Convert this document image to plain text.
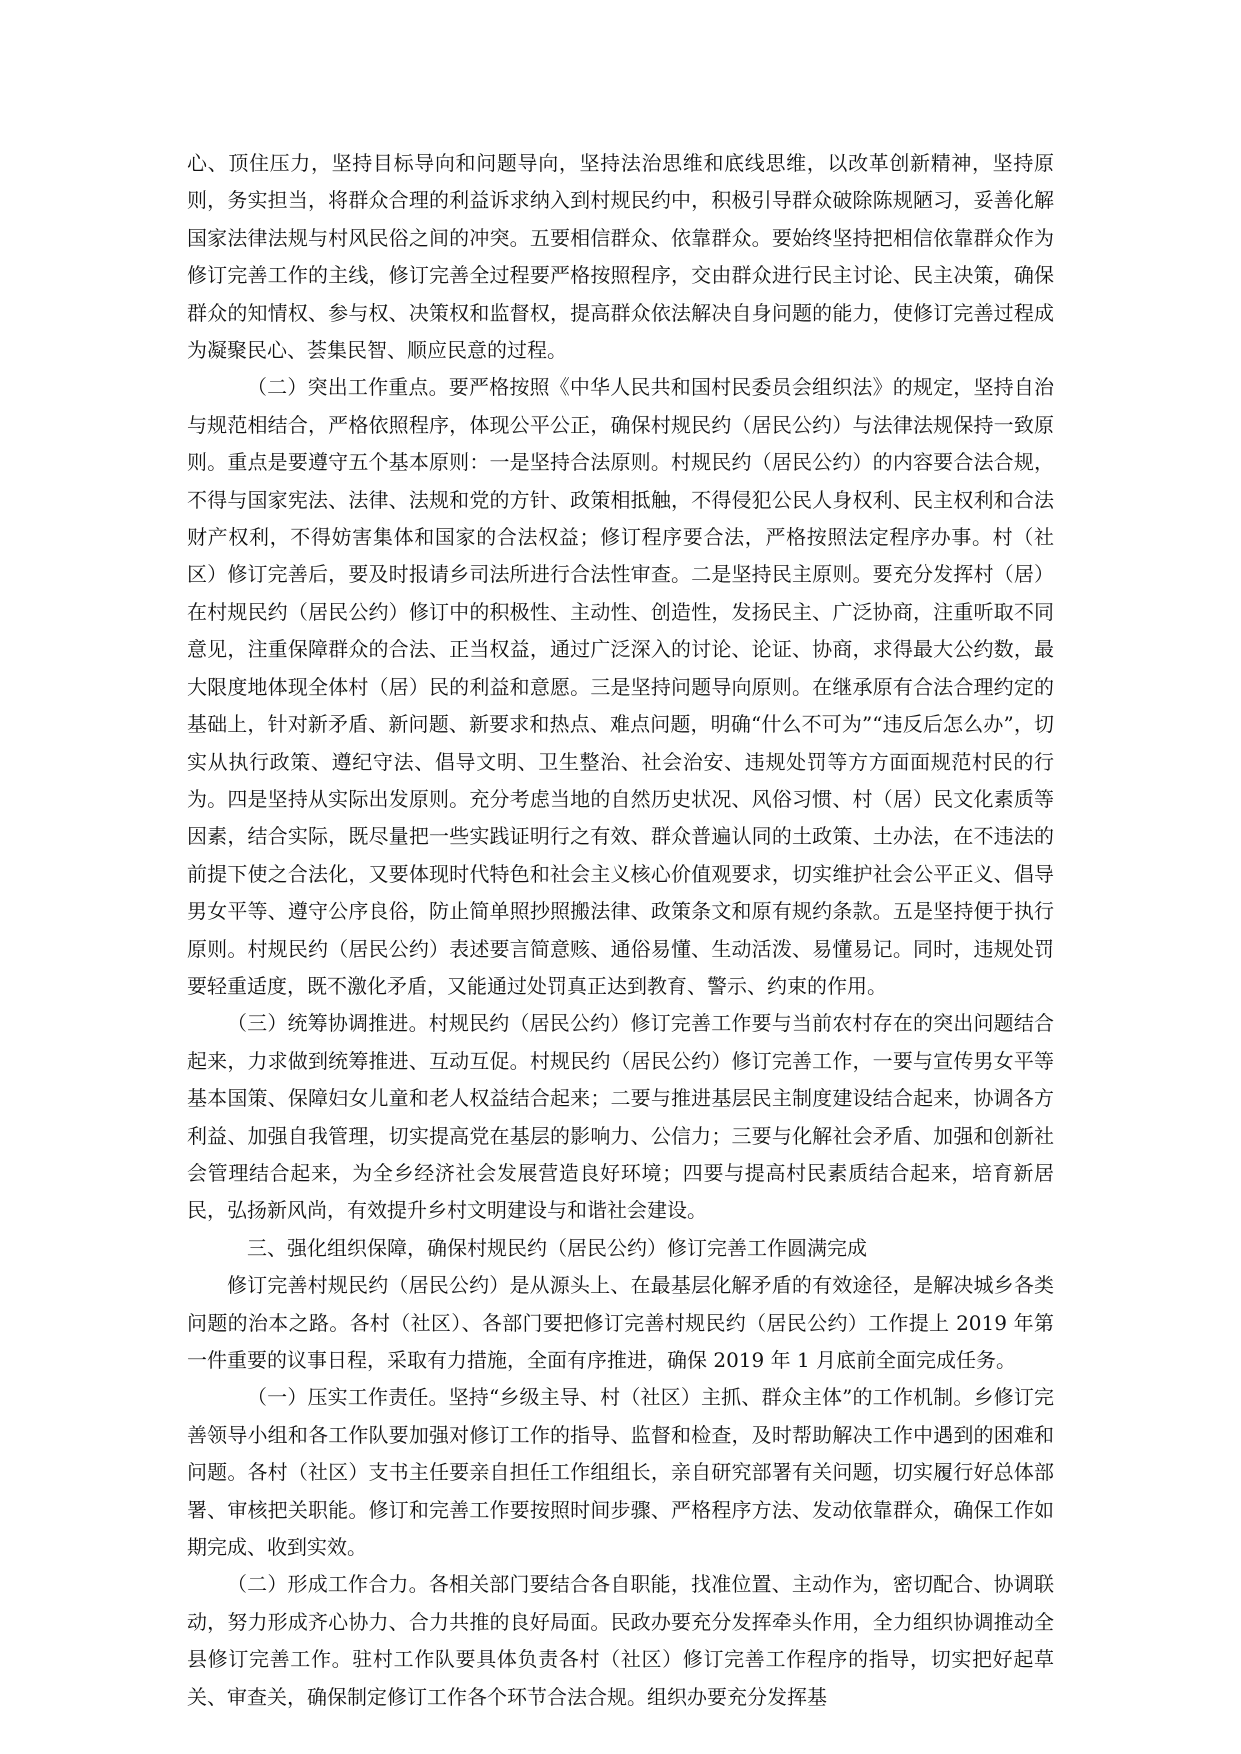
心、顶住压力，坚持目标导向和问题导向，坚持法治思维和底线思维，以改革创新精神，坚持原则，务实担当，将群众合理的利益诉求纳入到村规民约中，积极引导群众破除陈规陋习，妥善化解国家法律法规与村风民俗之间的冲突。五要相信群众、依靠群众。要始终坚持把相信依靠群众作为修订完善工作的主线，修订完善全过程要严格按照程序，交由群众进行民主讨论、民主决策，确保群众的知情权、参与权、决策权和监督权，提高群众依法解决自身问题的能力，使修订完善过程成为凝聚民心、荟集民智、顺应民意的过程。

（二）突出工作重点。要严格按照《中华人民共和国村民委员会组织法》的规定，坚持自治与规范相结合，严格依照程序，体现公平公正，确保村规民约（居民公约）与法律法规保持一致原则。重点是要遵守五个基本原则：一是坚持合法原则。村规民约（居民公约）的内容要合法合规，不得与国家宪法、法律、法规和党的方针、政策相抵触，不得侵犯公民人身权利、民主权利和合法财产权利，不得妨害集体和国家的合法权益；修订程序要合法，严格按照法定程序办事。村（社区）修订完善后，要及时报请乡司法所进行合法性审查。二是坚持民主原则。要充分发挥村（居）在村规民约（居民公约）修订中的积极性、主动性、创造性，发扬民主、广泛协商，注重听取不同意见，注重保障群众的合法、正当权益，通过广泛深入的讨论、论证、协商，求得最大公约数，最大限度地体现全体村（居）民的利益和意愿。三是坚持问题导向原则。在继承原有合法合理约定的基础上，针对新矛盾、新问题、新要求和热点、难点问题，明确“什么不可为”“违反后怎么办”，切实从执行政策、遵纪守法、倡导文明、卫生整治、社会治安、违规处罚等方方面面规范村民的行为。四是坚持从实际出发原则。充分考虑当地的自然历史状况、风俗习惯、村（居）民文化素质等因素，结合实际，既尽量把一些实践证明行之有效、群众普遍认同的土政策、土办法，在不违法的前提下使之合法化，又要体现时代特色和社会主义核心价值观要求，切实维护社会公平正义、倡导男女平等、遵守公序良俗，防止简单照抄照搬法律、政策条文和原有规约条款。五是坚持便于执行原则。村规民约（居民公约）表述要言简意赅、通俗易懂、生动活泼、易懂易记。同时，违规处罚要轻重适度，既不激化矛盾，又能通过处罚真正达到教育、警示、约束的作用。

（三）统筹协调推进。村规民约（居民公约）修订完善工作要与当前农村存在的突出问题结合起来，力求做到统筹推进、互动互促。村规民约（居民公约）修订完善工作，一要与宣传男女平等基本国策、保障妇女儿童和老人权益结合起来；二要与推进基层民主制度建设结合起来，协调各方利益、加强自我管理，切实提高党在基层的影响力、公信力；三要与化解社会矛盾、加强和创新社会管理结合起来，为全乡经济社会发展营造良好环境；四要与提高村民素质结合起来，培育新居民，弘扬新风尚，有效提升乡村文明建设与和谐社会建设。

三、强化组织保障，确保村规民约（居民公约）修订完善工作圆满完成

修订完善村规民约（居民公约）是从源头上、在最基层化解矛盾的有效途径，是解决城乡各类问题的治本之路。各村（社区）、各部门要把修订完善村规民约（居民公约）工作提上 2019 年第一件重要的议事日程，采取有力措施，全面有序推进，确保 2019 年 1 月底前全面完成任务。

（一）压实工作责任。坚持“乡级主导、村（社区）主抓、群众主体”的工作机制。乡修订完善领导小组和各工作队要加强对修订工作的指导、监督和检查，及时帮助解决工作中遇到的困难和问题。各村（社区）支书主任要亲自担任工作组组长，亲自研究部署有关问题，切实履行好总体部署、审核把关职能。修订和完善工作要按照时间步骤、严格程序方法、发动依靠群众，确保工作如期完成、收到实效。

（二）形成工作合力。各相关部门要结合各自职能，找准位置、主动作为，密切配合、协调联动，努力形成齐心协力、合力共推的良好局面。民政办要充分发挥牵头作用，全力组织协调推动全县修订完善工作。驻村工作队要具体负责各村（社区）修订完善工作程序的指导，切实把好起草关、审查关，确保制定修订工作各个环节合法合规。组织办要充分发挥基
